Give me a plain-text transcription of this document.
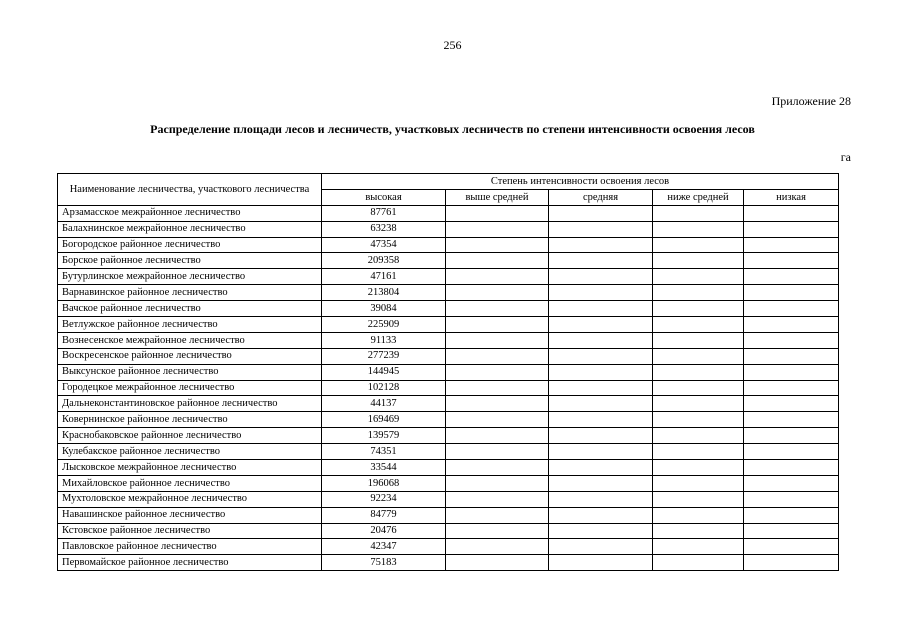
256
Приложение 28
Распределение площади лесов и лесничеств, участковых лесничеств по степени интенсивности освоения лесов
га
Наименование лесничества, участкового лесничества	Степень интенсивности освоения лесов				
	высокая	выше средней	средняя	ниже средней	низкая
Арзамасское межрайонное лесничество	87761				
Балахнинское межрайонное лесничество	63238				
Богородское районное лесничество	47354				
Борское районное лесничество	209358				
Бутурлинское межрайонное лесничество	47161				
Варнавинское районное лесничество	213804				
Вачское районное лесничество	39084				
Ветлужское районное лесничество	225909				
Вознесенское межрайонное лесничество	91133				
Воскресенское районное лесничество	277239				
Выксунское районное лесничество	144945				
Городецкое межрайонное лесничество	102128				
Дальнеконстантиновское районное лесничество	44137				
Ковернинское районное лесничество	169469				
Краснобаковское районное лесничество	139579				
Кулебакское районное лесничество	74351				
Лысковское межрайонное лесничество	33544				
Михайловское районное лесничество	196068				
Мухтоловское межрайонное лесничество	92234				
Навашинское районное лесничество	84779				
Кстовское районное лесничество	20476				
Павловское районное лесничество	42347				
Первомайское районное лесничество	75183				
